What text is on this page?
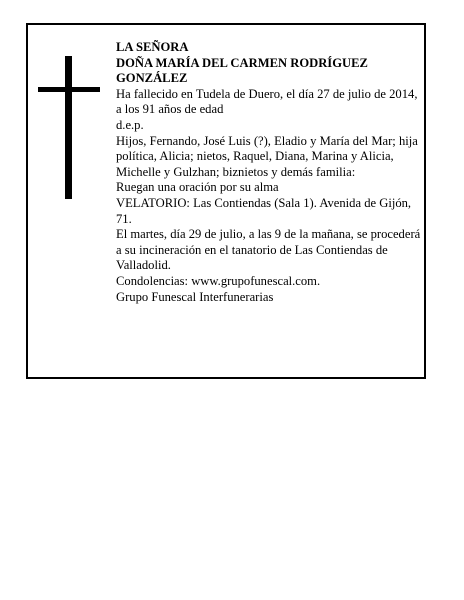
LA SEÑORA

DOÑA MARÍA DEL CARMEN RODRÍGUEZ GONZÁLEZ

Ha fallecido en Tudela de Duero, el día 27 de julio de 2014, a los 91 años de edad

d.e.p.

Hijos, Fernando, José Luis (?), Eladio y María del Mar; hija política, Alicia; nietos, Raquel, Diana, Marina y Alicia, Michelle y Gulzhan; biznietos y demás familia:

Ruegan una oración por su alma

VELATORIO: Las Contiendas (Sala 1). Avenida de Gijón, 71.

El martes, día 29 de julio, a las 9 de la mañana, se procederá a su incineración en el tanatorio de Las Contiendas de Valladolid.

Condolencias: www.grupofunescal.com.

Grupo Funescal Interfunerarias
